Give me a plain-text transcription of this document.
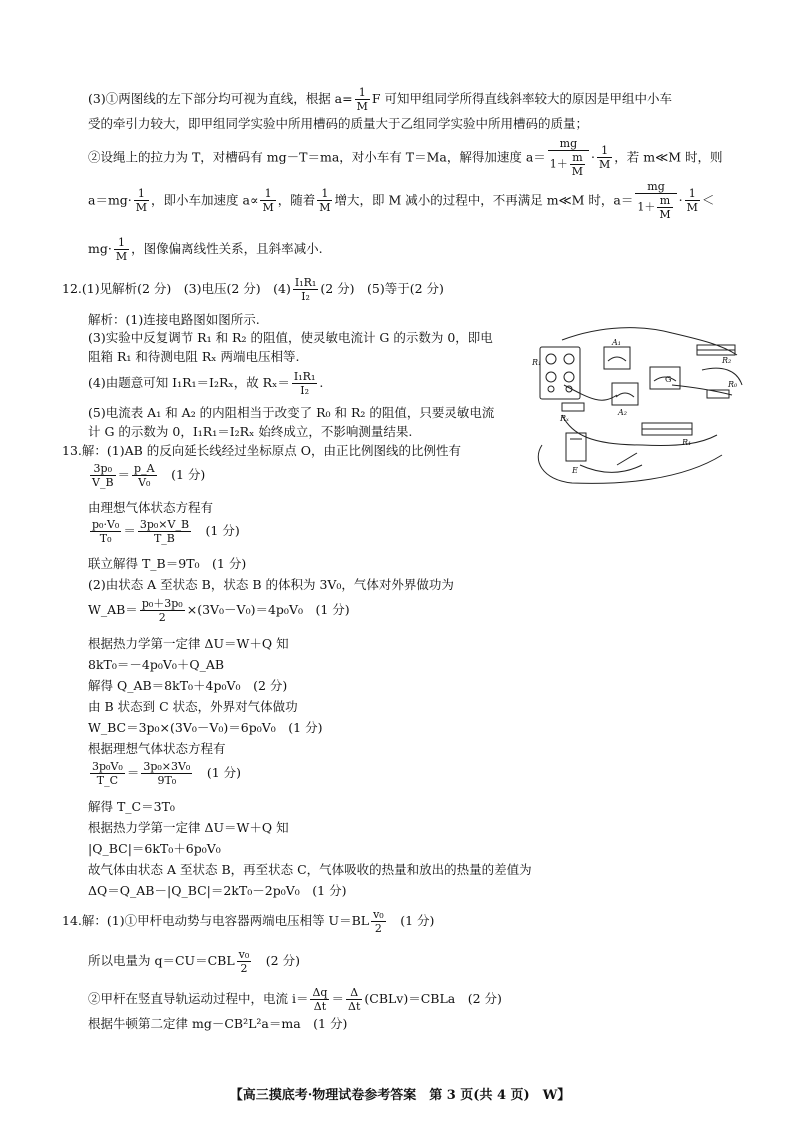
(3)①两图线的左下部分均可视为直线，根据 $a= \frac{1}{M}$ F 可知甲组同学所得直线斜率较大的原因是甲组中小车
受的牵引力较大，即甲组同学实验中所用槽码的质量大于乙组同学实验中所用槽码的质量；
②设绳上的拉力为 T，对槽码有 mg－T＝ma，对小车有 T＝Ma，解得加速度 $a= \frac{mg}{1+ \frac{m}{M}} \cdot \frac{1}{M}$ ，若 m≪M 时，则
$a=mg\cdot \frac{1}{M}$ ，即小车加速度 $a\propto \frac{1}{M}$ ，随着 $\frac{1}{M}$ 增大，即 M 减小的过程中，不再满足 m≪M 时，$a= \frac{mg}{1+ \frac{m}{M}} \cdot \frac{1}{M}$ ＜
$mg\cdot \frac{1}{M}$ ，图像偏离线性关系，且斜率减小.
12.(1)见解析(2 分)　(3)电压(2 分)　$(4) \frac{\text{I₁R₁}}{\text{I₂}} (2$ 分)　(5)等于(2 分)
解析：(1)连接电路图如图所示.
(3)实验中反复调节 R₁ 和 R₂ 的阻值，使灵敏电流计 G 的示数为 0，即电
阻箱 R₁ 和待测电阻 Rₓ 两端电压相等.
(4)由题意可知 I₁R₁＝I₂Rₓ，故 $R_x= \frac{\text{I₁R₁}}{\text{I₂}}$ .
(5)电流表 A₁ 和 A₂ 的内阻相当于改变了 R₀ 和 R₂ 的阻值，只要灵敏电流
计 G 的示数为 0，I₁R₁＝I₂Rₓ 始终成立，不影响测量结果.
R₁
G
A₁
A₂
R₂
R₀
Rₓ
E
R₁
13.解：(1)AB 的反向延长线经过坐标原点 O，由正比例图线的比例性有
$\frac{\text{3p₀}}{V\_B} = \frac{p\_A}{\text{V₀}}$
　 (1 分)
由理想气体状态方程有
$\frac{\text{p₀·V₀}}{\text{T₀}} = \frac{\text{3p₀×V\_B}}{T\_B}$
　 (1 分)
联立解得 T_B＝9T₀　(1 分)
(2)由状态 A 至状态 B，状态 B 的体积为 3V₀，气体对外界做功为
W_AB＝ $\frac{\text{p₀＋3p₀}}{2} \times(3V_0-V_0)=4p_0V_0$　(1 分)
根据热力学第一定律 ΔU＝W＋Q 知
8kT₀＝－4p₀V₀＋Q_AB
解得 Q_AB＝8kT₀＋4p₀V₀　(2 分)
由 B 状态到 C 状态，外界对气体做功
W_BC＝3p₀×(3V₀－V₀)＝6p₀V₀　(1 分)
根据理想气体状态方程有
$\frac{\text{3p₀V₀}}{T\_C} = \frac{\text{3p₀×3V₀}}{\text{9T₀}}$
　 (1 分)
解得 T_C＝3T₀
根据热力学第一定律 ΔU＝W＋Q 知
|Q_BC|＝6kT₀＋6p₀V₀
故气体由状态 A 至状态 B，再至状态 C，气体吸收的热量和放出的热量的差值为
ΔQ＝Q_AB－|Q_BC|＝2kT₀－2p₀V₀　(1 分)
14.解：(1)①甲杆电动势与电容器两端电压相等 $U=BL \frac{\text{v₀}}{2}$
　 (1 分)
所以电量为 $q=CU=CBL \frac{\text{v₀}}{2}$
　 (2 分)
②甲杆在竖直导轨运动过程中，电流 $i= \frac{\Delta q}{\Delta t} = \frac{\Delta}{\Delta t}$ (CBLv)＝CBLa　(2 分)
根据牛顿第二定律 mg－CB²L²a＝ma　(1 分)
【高三摸底考·物理试卷参考答案　第 3 页(共 4 页)　W】
